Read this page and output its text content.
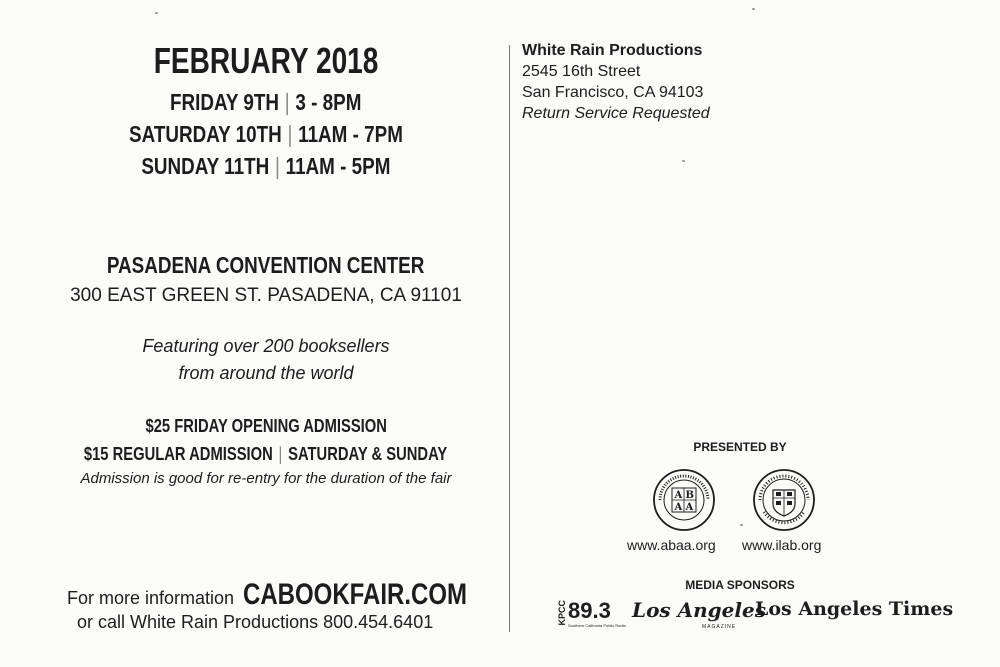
FEBRUARY 2018
FRIDAY 9TH | 3 - 8PM
SATURDAY 10TH | 11AM - 7PM
SUNDAY 11TH | 11AM - 5PM
PASADENA CONVENTION CENTER
300 EAST GREEN ST. PASADENA, CA 91101
Featuring over 200 booksellers
from around the world
$25 FRIDAY OPENING ADMISSION
$15 REGULAR ADMISSION | SATURDAY & SUNDAY
Admission is good for re-entry for the duration of the fair
For more information CABOOKFAIR.COM
or call White Rain Productions 800.454.6401
White Rain Productions
2545 16th Street
San Francisco, CA 94103
Return Service Requested
PRESENTED BY
A B
A A
www.abaa.org www.ilab.org
MEDIA SPONSORS
KPCC 89.3
Southern California Public Radio
Los Angeles
MAGAZINE
Los Angeles Times
